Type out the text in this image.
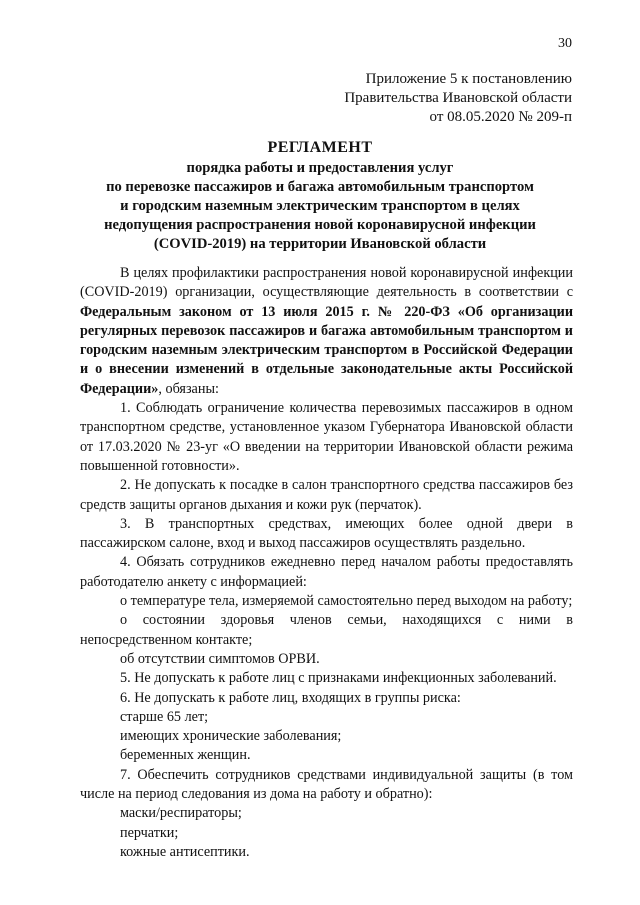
30
Приложение 5 к постановлению
Правительства Ивановской области
от 08.05.2020 № 209-п
РЕГЛАМЕНТ
порядка работы и предоставления услуг
по перевозке пассажиров и багажа автомобильным транспортом
и городским наземным электрическим транспортом в целях
недопущения распространения новой коронавирусной инфекции
(COVID-2019) на территории Ивановской области

В целях профилактики распространения новой коронавирусной инфекции (COVID-2019) организации, осуществляющие деятельность в соответствии с Федеральным законом от 13 июля 2015 г. № 220-ФЗ «Об организации регулярных перевозок пассажиров и багажа автомобильным транспортом и городским наземным электрическим транспортом в Российской Федерации и о внесении изменений в отдельные законодательные акты Российской Федерации», обязаны:

1. Соблюдать ограничение количества перевозимых пассажиров в одном транспортном средстве, установленное указом Губернатора Ивановской области от 17.03.2020 № 23-уг «О введении на территории Ивановской области режима повышенной готовности».

2. Не допускать к посадке в салон транспортного средства пассажиров без средств защиты органов дыхания и кожи рук (перчаток).

3. В транспортных средствах, имеющих более одной двери в пассажирском салоне, вход и выход пассажиров осуществлять раздельно.

4. Обязать сотрудников ежедневно перед началом работы предоставлять работодателю анкету с информацией:

о температуре тела, измеряемой самостоятельно перед выходом на работу;

о состоянии здоровья членов семьи, находящихся с ними в непосредственном контакте;

об отсутствии симптомов ОРВИ.

5. Не допускать к работе лиц с признаками инфекционных заболеваний.

6. Не допускать к работе лиц, входящих в группы риска:

старше 65 лет;

имеющих хронические заболевания;

беременных женщин.

7. Обеспечить сотрудников средствами индивидуальной защиты (в том числе на период следования из дома на работу и обратно):

маски/респираторы;

перчатки;

кожные антисептики.
